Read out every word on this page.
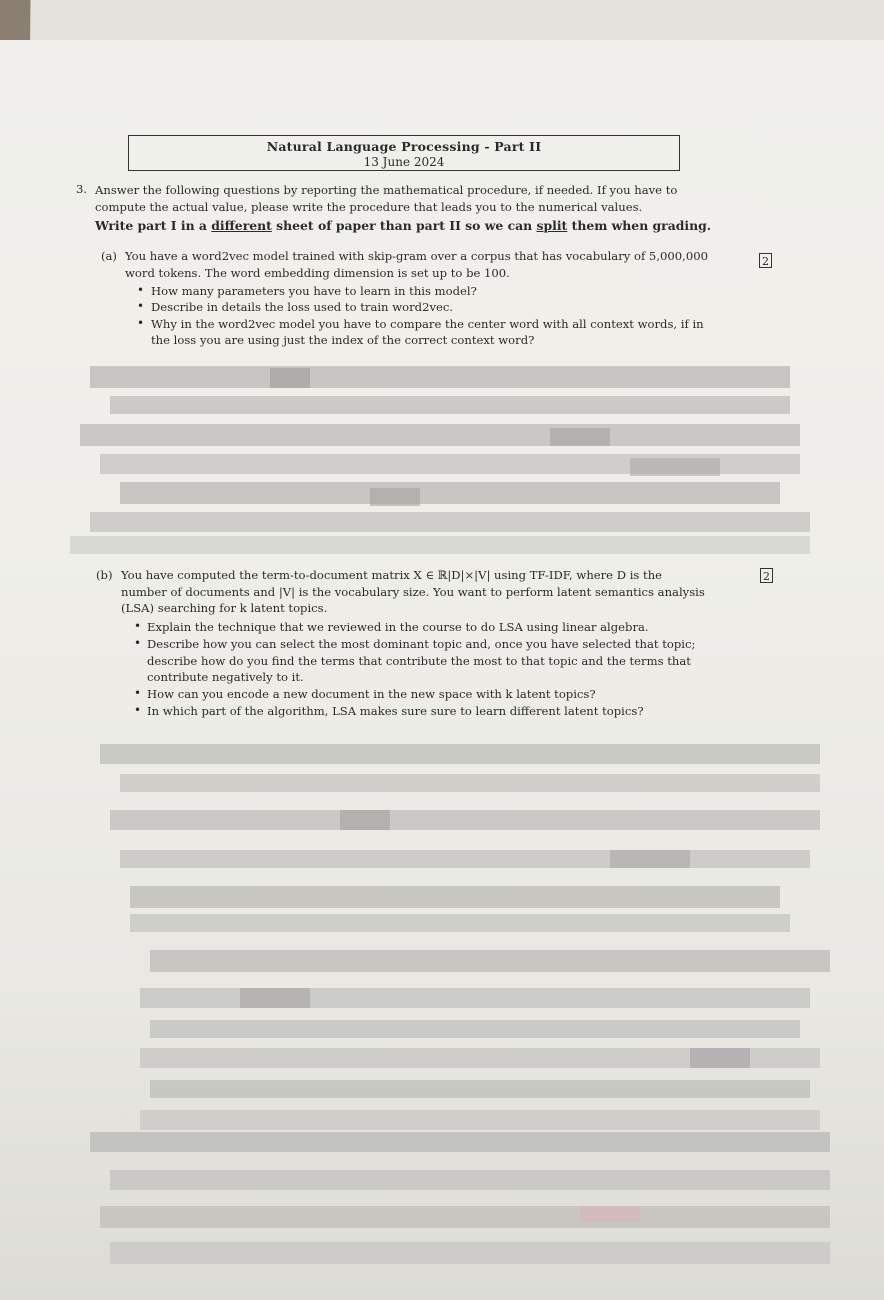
Natural Language Processing - Part II
13 June 2024
3. Answer the following questions by reporting the mathematical procedure, if needed. If you have to
compute the actual value, please write the procedure that leads you to the numerical values.
Write part I in a different sheet of paper than part II so we can split them when grading.
(a) You have a word2vec model trained with skip-gram over a corpus that has vocabulary of 5,000,000
word tokens. The word embedding dimension is set up to be 100.
2
• How many parameters you have to learn in this model?
• Describe in details the loss used to train word2vec.
• Why in the word2vec model you have to compare the center word with all context words, if in
the loss you are using just the index of the correct context word?
(b) You have computed the term-to-document matrix X ∈ ℝ|D|×|V| using TF-IDF, where D is the
number of documents and |V| is the vocabulary size. You want to perform latent semantics analysis
(LSA) searching for k latent topics.
2
• Explain the technique that we reviewed in the course to do LSA using linear algebra.
• Describe how you can select the most dominant topic and, once you have selected that topic;
describe how do you find the terms that contribute the most to that topic and the terms that
contribute negatively to it.
• How can you encode a new document in the new space with k latent topics?
• In which part of the algorithm, LSA makes sure sure to learn different latent topics?
